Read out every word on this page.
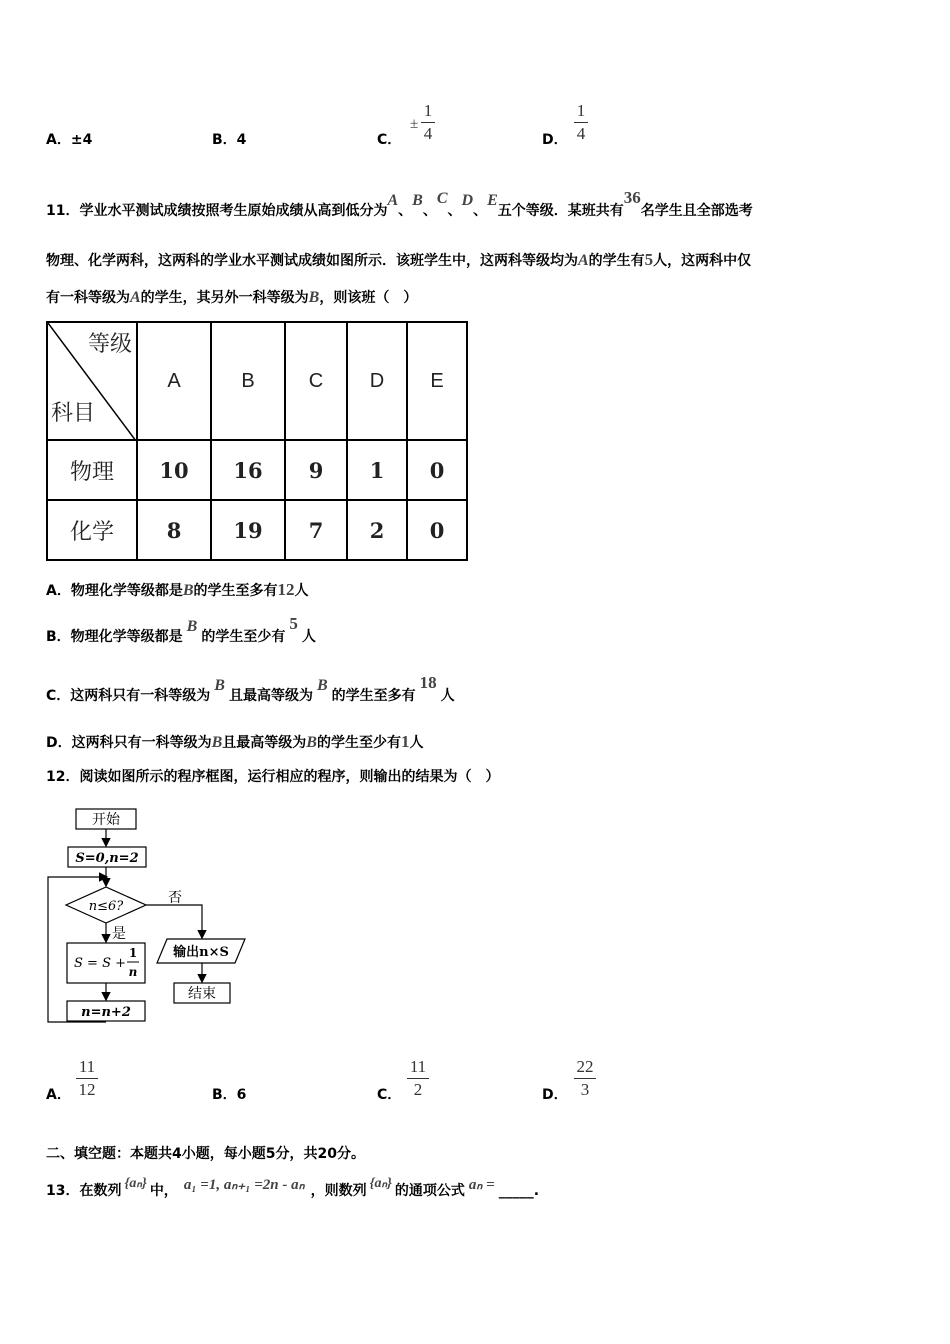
A．±4	B．4	C．
±
1
4	D．
1
4
11．学业水平测试成绩按照考生原始成绩从高到低分为A、B、C、D、E五个等级．某班共有36名学生且全部选考
物理、化学两科，这两科的学业水平测试成绩如图所示．该班学生中，这两科等级均为A的学生有5人，这两科中仅
有一科等级为A的学生，其另外一科等级为B，则该班（　）
等级
科目	A	B	C	D	E
物理	10	16	9	1	0
化学	8	19	7	2	0
A．物理化学等级都是B的学生至多有12人
B．物理化学等级都是B的学生至少有5人
C．这两科只有一科等级为B且最高等级为B的学生至多有18人
D．这两科只有一科等级为B且最高等级为B的学生至少有1人
12．阅读如图所示的程序框图，运行相应的程序，则输出的结果为（　）
开始
S=0,n=2
n≤6?
否
是
S = S +
1
n
n=n+2
输出n×S
结束
A．
11
12	B．6	C．
11
2	D．
22
3
二、填空题：本题共4小题，每小题5分，共20分。
13．在数列 {aₙ} 中， a₁ =1, aₙ₊₁ =2n - aₙ ，则数列 {aₙ} 的通项公式 aₙ = _____.
